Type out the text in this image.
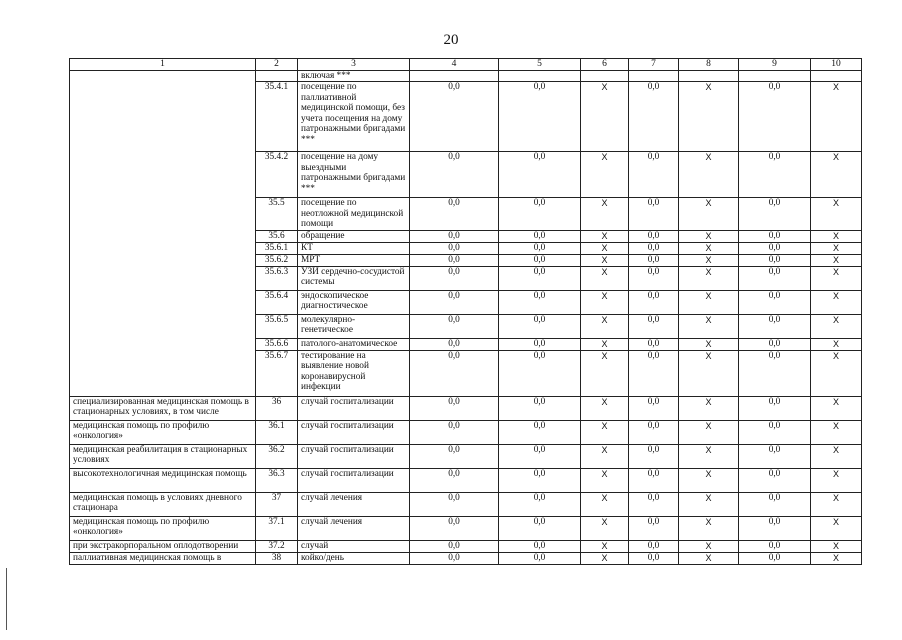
20
1	2	3	4	5	6	7	8	9	10
		включая ***							
	35.4.1	посещение по паллиативной медицинской помощи, без учета посещения на дому патронажными бригадами ***	0,0	0,0	Х	0,0	Х	0,0	Х
	35.4.2	посещение на дому выездными патронажными бригадами ***	0,0	0,0	Х	0,0	Х	0,0	Х
	35.5	посещение по неотложной медицинской помощи	0,0	0,0	Х	0,0	Х	0,0	Х
	35.6	обращение	0,0	0,0	Х	0,0	Х	0,0	Х
	35.6.1	КТ	0,0	0,0	Х	0,0	Х	0,0	Х
	35.6.2	МРТ	0,0	0,0	Х	0,0	Х	0,0	Х
	35.6.3	УЗИ сердечно-сосудистой системы	0,0	0,0	Х	0,0	Х	0,0	Х
	35.6.4	эндоскопическое диагностическое	0,0	0,0	Х	0,0	Х	0,0	Х
	35.6.5	молекулярно-генетическое	0,0	0,0	Х	0,0	Х	0,0	Х
	35.6.6	патолого-анатомическое	0,0	0,0	Х	0,0	Х	0,0	Х
	35.6.7	тестирование на выявление новой коронавирусной инфекции	0,0	0,0	Х	0,0	Х	0,0	Х
специализированная медицинская помощь в стационарных условиях, в том числе	36	случай госпитализации	0,0	0,0	Х	0,0	Х	0,0	Х
медицинская помощь по профилю «онкология»	36.1	случай госпитализации	0,0	0,0	Х	0,0	Х	0,0	Х
медицинская реабилитация в стационарных условиях	36.2	случай госпитализации	0,0	0,0	Х	0,0	Х	0,0	Х
высокотехнологичная медицинская помощь	36.3	случай госпитализации	0,0	0,0	Х	0,0	Х	0,0	Х
медицинская помощь в условиях дневного стационара	37	случай лечения	0,0	0,0	Х	0,0	Х	0,0	Х
медицинская помощь по профилю «онкология»	37.1	случай лечения	0,0	0,0	Х	0,0	Х	0,0	Х
при экстракорпоральном оплодотворении	37.2	случай	0,0	0,0	Х	0,0	Х	0,0	Х
паллиативная медицинская помощь в	38	койко/день	0,0	0,0	Х	0,0	Х	0,0	Х
